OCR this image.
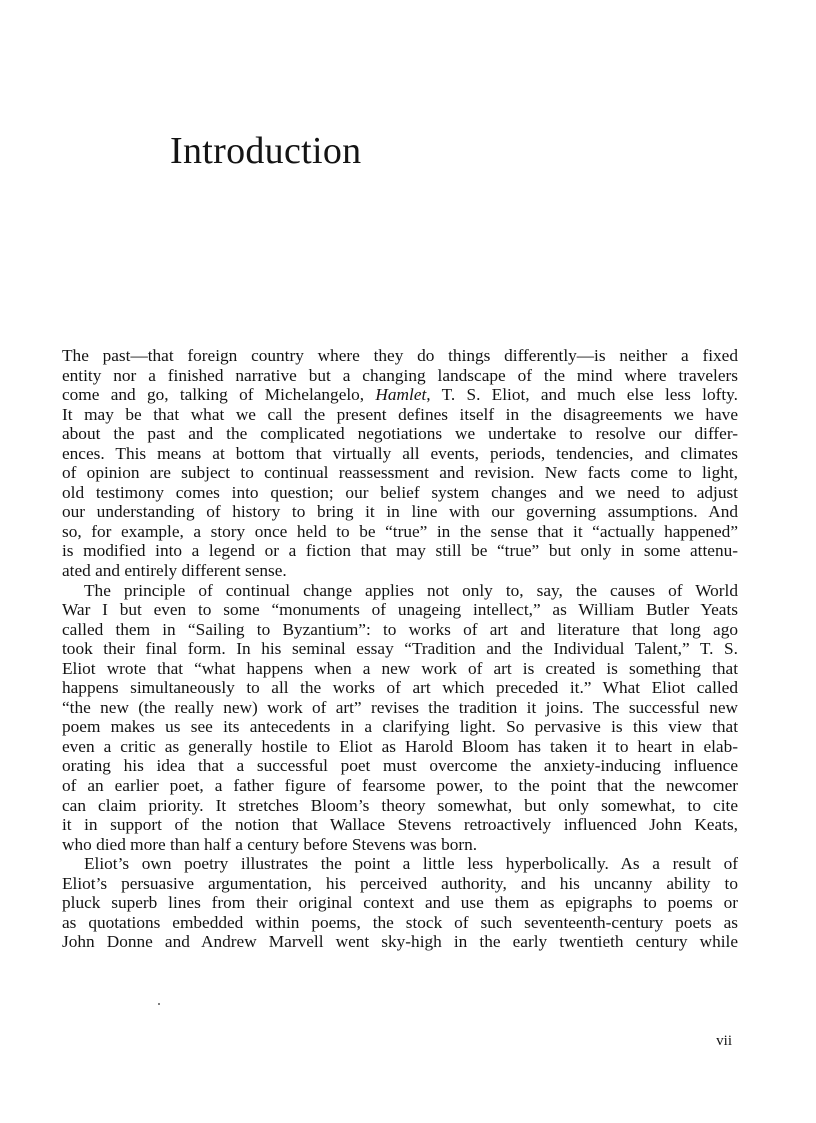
Introduction
The past—that foreign country where they do things differently—is neither a fixed
entity nor a finished narrative but a changing landscape of the mind where travelers
come and go, talking of Michelangelo, Hamlet, T. S. Eliot, and much else less lofty.
It may be that what we call the present defines itself in the disagreements we have
about the past and the complicated negotiations we undertake to resolve our differ-
ences. This means at bottom that virtually all events, periods, tendencies, and climates
of opinion are subject to continual reassessment and revision. New facts come to light,
old testimony comes into question; our belief system changes and we need to adjust
our understanding of history to bring it in line with our governing assumptions. And
so, for example, a story once held to be “true” in the sense that it “actually happened”
is modified into a legend or a fiction that may still be “true” but only in some attenu-
ated and entirely different sense.
The principle of continual change applies not only to, say, the causes of World
War I but even to some “monuments of unageing intellect,” as William Butler Yeats
called them in “Sailing to Byzantium”: to works of art and literature that long ago
took their final form. In his seminal essay “Tradition and the Individual Talent,” T. S.
Eliot wrote that “what happens when a new work of art is created is something that
happens simultaneously to all the works of art which preceded it.” What Eliot called
“the new (the really new) work of art” revises the tradition it joins. The successful new
poem makes us see its antecedents in a clarifying light. So pervasive is this view that
even a critic as generally hostile to Eliot as Harold Bloom has taken it to heart in elab-
orating his idea that a successful poet must overcome the anxiety-inducing influence
of an earlier poet, a father figure of fearsome power, to the point that the newcomer
can claim priority. It stretches Bloom’s theory somewhat, but only somewhat, to cite
it in support of the notion that Wallace Stevens retroactively influenced John Keats,
who died more than half a century before Stevens was born.
Eliot’s own poetry illustrates the point a little less hyperbolically. As a result of
Eliot’s persuasive argumentation, his perceived authority, and his uncanny ability to
pluck superb lines from their original context and use them as epigraphs to poems or
as quotations embedded within poems, the stock of such seventeenth-century poets as
John Donne and Andrew Marvell went sky-high in the early twentieth century while
vii
